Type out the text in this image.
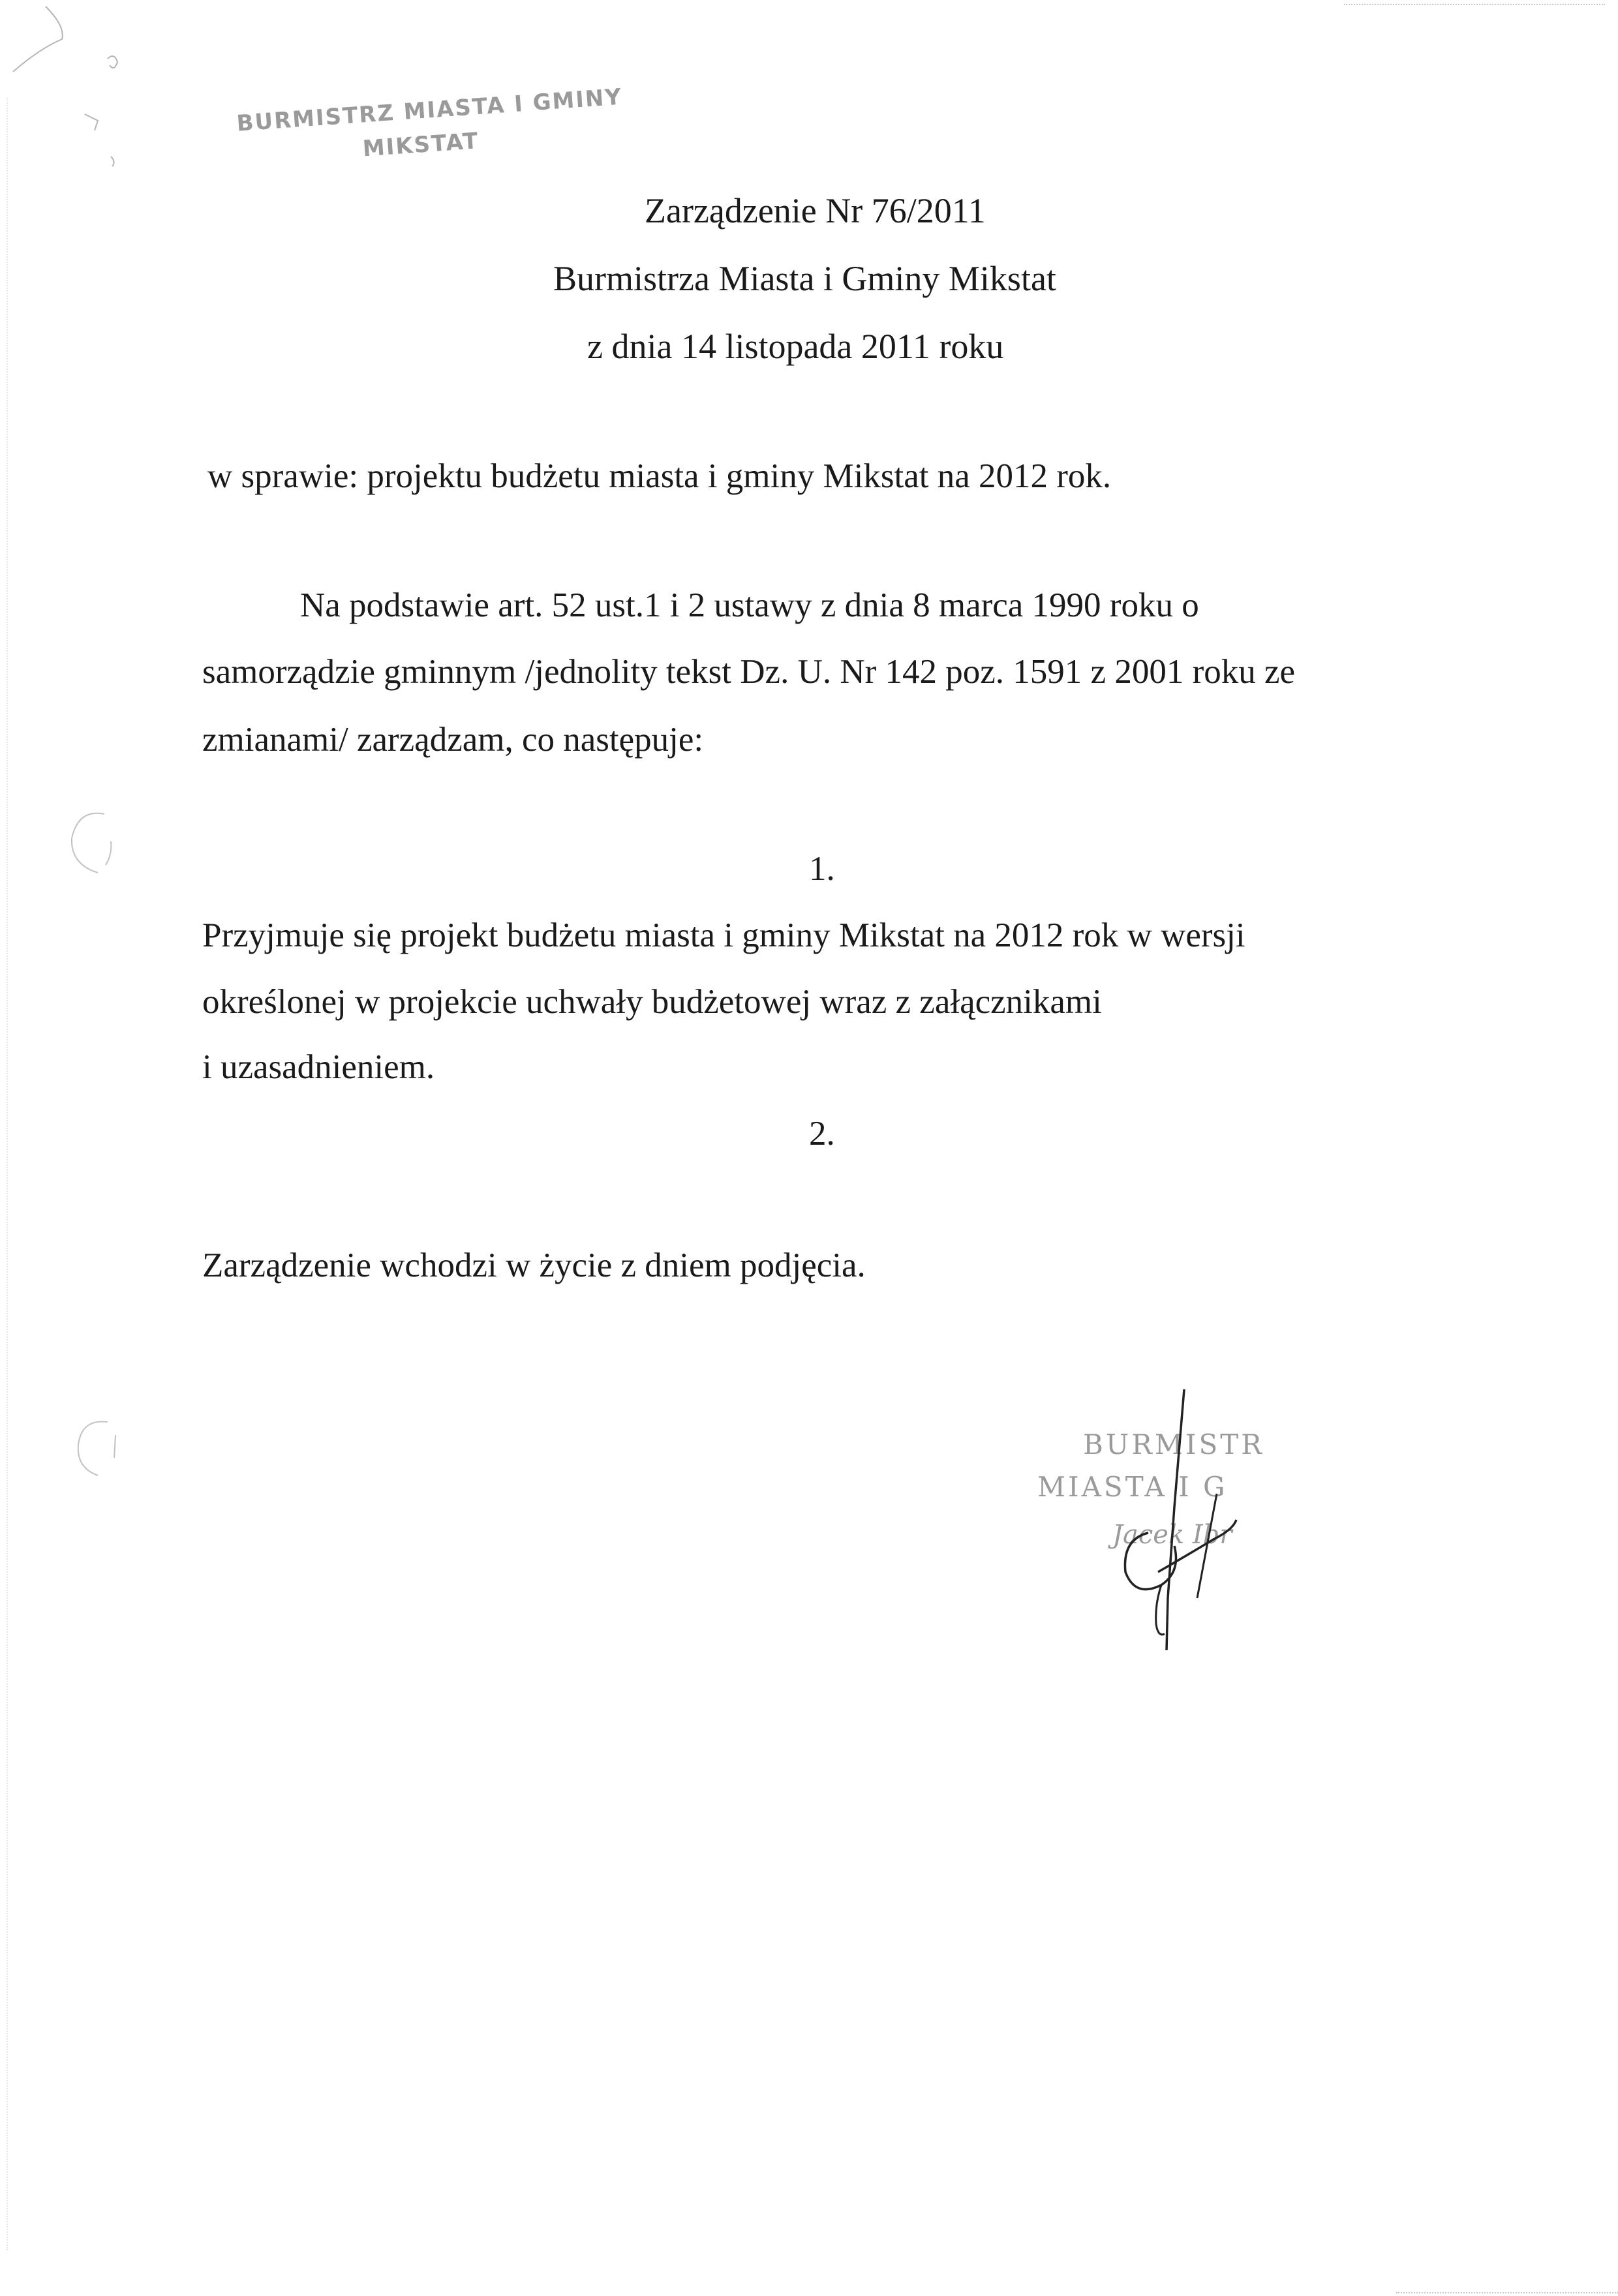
BURMISTRZ MIASTA I GMINY
MIKSTAT
Zarządzenie Nr 76/2011
Burmistrza Miasta i Gminy Mikstat
z dnia 14 listopada 2011 roku
w sprawie: projektu budżetu miasta i gminy Mikstat na 2012 rok.
Na podstawie art. 52 ust.1 i 2 ustawy z dnia 8 marca 1990 roku o
samorządzie gminnym /jednolity tekst Dz. U. Nr 142 poz. 1591 z 2001 roku ze
zmianami/ zarządzam, co następuje:
1.
Przyjmuje się projekt budżetu miasta i gminy Mikstat na 2012 rok w wersji
określonej w projekcie uchwały budżetowej wraz z załącznikami
i uzasadnieniem.
2.
Zarządzenie wchodzi w życie z dniem podjęcia.
BURMISTR
MIASTA I G
Jacek Ibr
